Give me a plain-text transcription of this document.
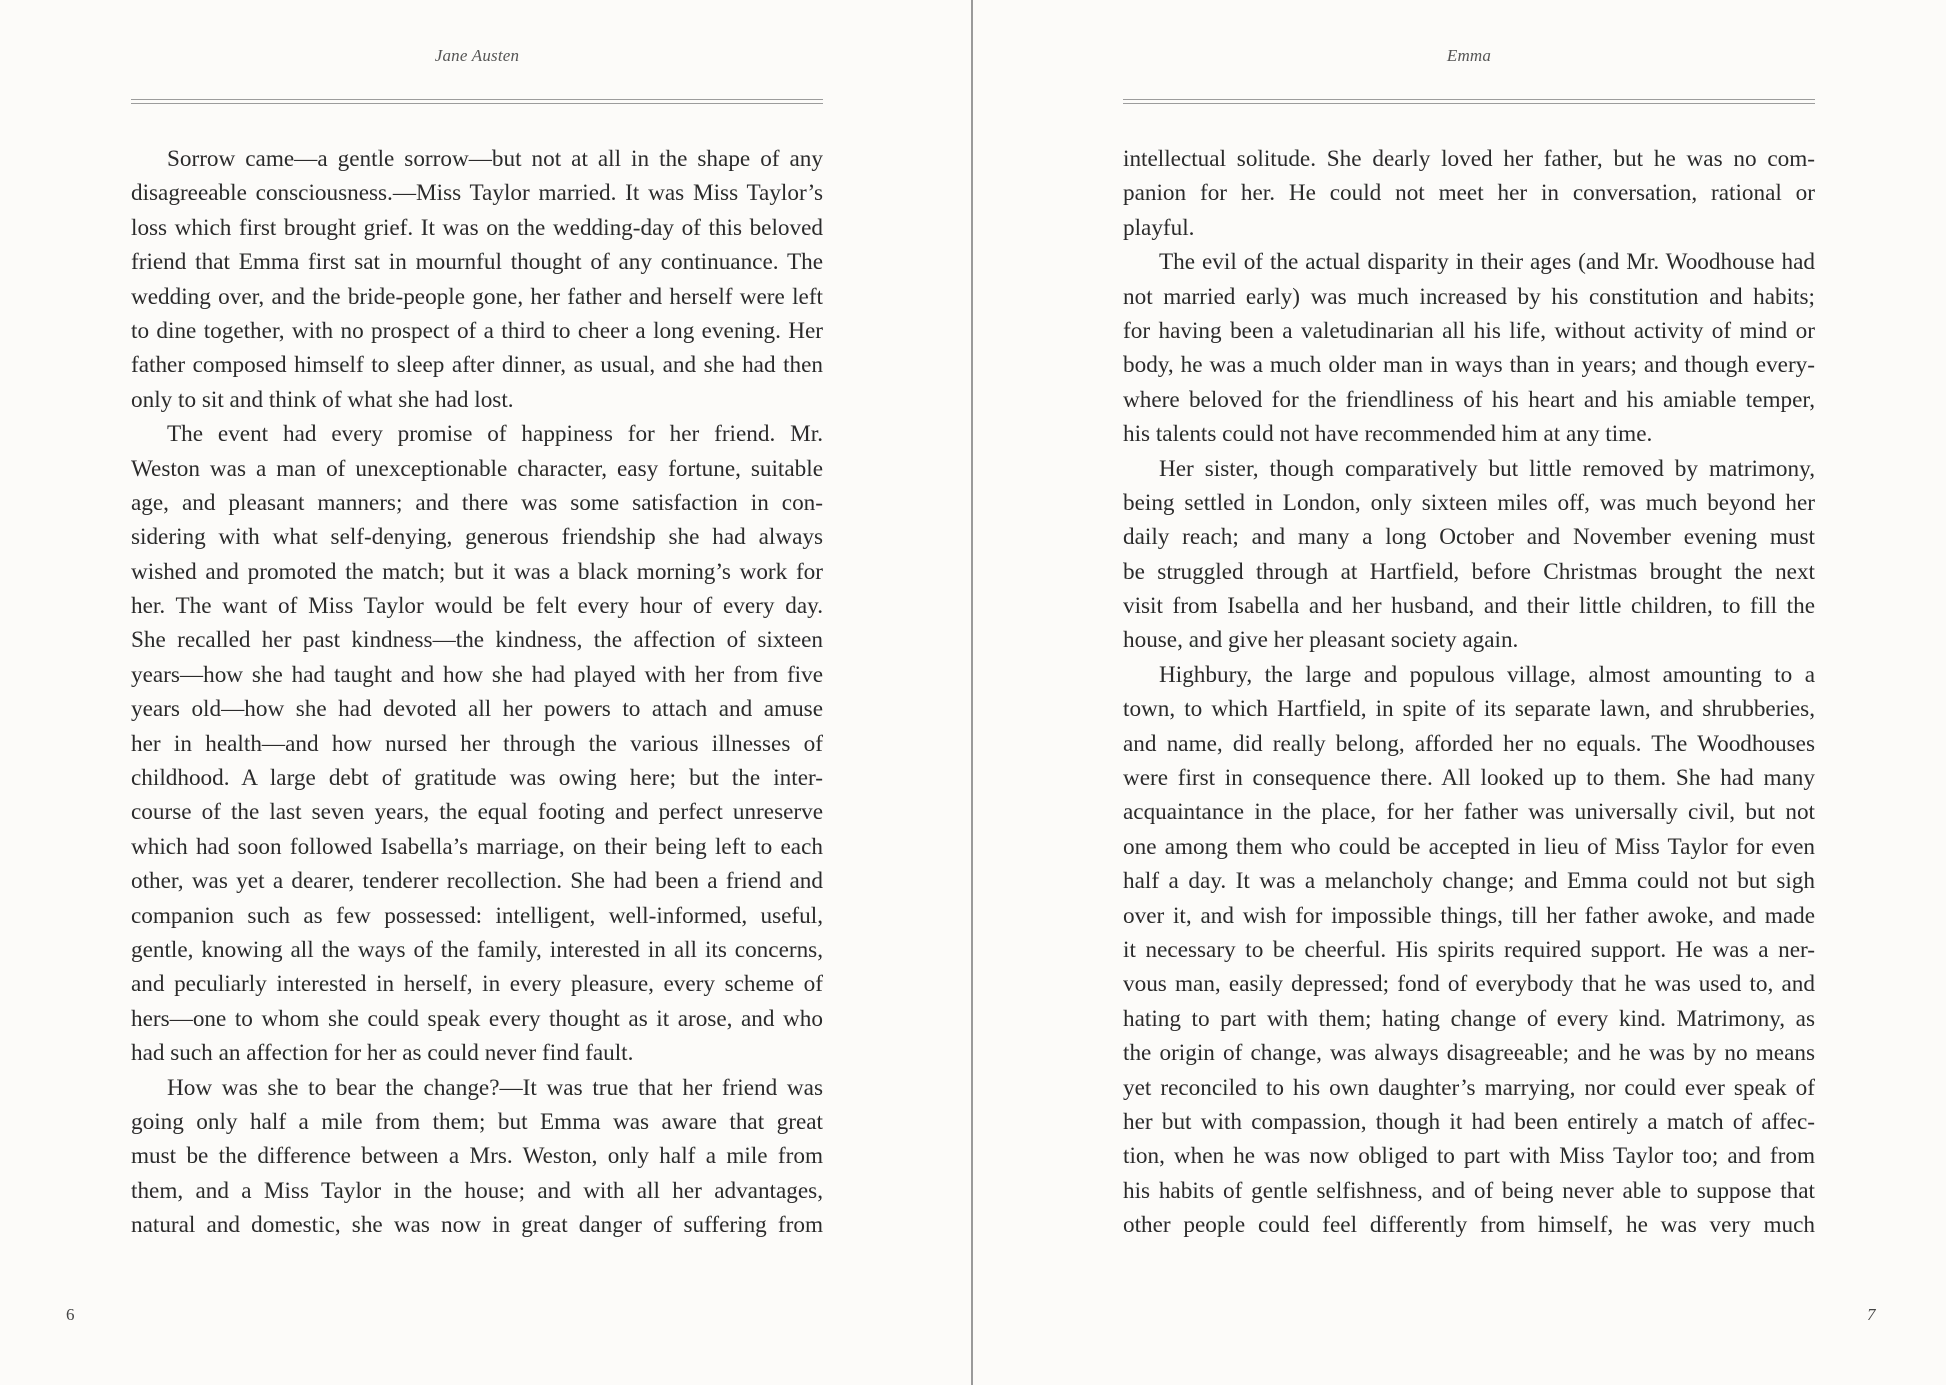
Jane Austen
Sorrow came—a gentle sorrow—but not at all in the shape of any
disagreeable consciousness.—Miss Taylor married. It was Miss Taylor’s
loss which first brought grief. It was on the wedding-day of this beloved
friend that Emma first sat in mournful thought of any continuance. The
wedding over, and the bride-people gone, her father and herself were left
to dine together, with no prospect of a third to cheer a long evening. Her
father composed himself to sleep after dinner, as usual, and she had then
only to sit and think of what she had lost.
The event had every promise of happiness for her friend. Mr.
Weston was a man of unexceptionable character, easy fortune, suitable
age, and pleasant manners; and there was some satisfaction in con-
sidering with what self-denying, generous friendship she had always
wished and promoted the match; but it was a black morning’s work for
her. The want of Miss Taylor would be felt every hour of every day.
She recalled her past kindness—the kindness, the affection of sixteen
years—how she had taught and how she had played with her from five
years old—how she had devoted all her powers to attach and amuse
her in health—and how nursed her through the various illnesses of
childhood. A large debt of gratitude was owing here; but the inter-
course of the last seven years, the equal footing and perfect unreserve
which had soon followed Isabella’s marriage, on their being left to each
other, was yet a dearer, tenderer recollection. She had been a friend and
companion such as few possessed: intelligent, well-informed, useful,
gentle, knowing all the ways of the family, interested in all its concerns,
and peculiarly interested in herself, in every pleasure, every scheme of
hers—one to whom she could speak every thought as it arose, and who
had such an affection for her as could never find fault.
How was she to bear the change?—It was true that her friend was
going only half a mile from them; but Emma was aware that great
must be the difference between a Mrs. Weston, only half a mile from
them, and a Miss Taylor in the house; and with all her advantages,
natural and domestic, she was now in great danger of suffering from
6
Emma
intellectual solitude. She dearly loved her father, but he was no com-
panion for her. He could not meet her in conversation, rational or
playful.
The evil of the actual disparity in their ages (and Mr. Woodhouse had
not married early) was much increased by his constitution and habits;
for having been a valetudinarian all his life, without activity of mind or
body, he was a much older man in ways than in years; and though every-
where beloved for the friendliness of his heart and his amiable temper,
his talents could not have recommended him at any time.
Her sister, though comparatively but little removed by matrimony,
being settled in London, only sixteen miles off, was much beyond her
daily reach; and many a long October and November evening must
be struggled through at Hartfield, before Christmas brought the next
visit from Isabella and her husband, and their little children, to fill the
house, and give her pleasant society again.
Highbury, the large and populous village, almost amounting to a
town, to which Hartfield, in spite of its separate lawn, and shrubberies,
and name, did really belong, afforded her no equals. The Woodhouses
were first in consequence there. All looked up to them. She had many
acquaintance in the place, for her father was universally civil, but not
one among them who could be accepted in lieu of Miss Taylor for even
half a day. It was a melancholy change; and Emma could not but sigh
over it, and wish for impossible things, till her father awoke, and made
it necessary to be cheerful. His spirits required support. He was a ner-
vous man, easily depressed; fond of everybody that he was used to, and
hating to part with them; hating change of every kind. Matrimony, as
the origin of change, was always disagreeable; and he was by no means
yet reconciled to his own daughter’s marrying, nor could ever speak of
her but with compassion, though it had been entirely a match of affec-
tion, when he was now obliged to part with Miss Taylor too; and from
his habits of gentle selfishness, and of being never able to suppose that
other people could feel differently from himself, he was very much
7
